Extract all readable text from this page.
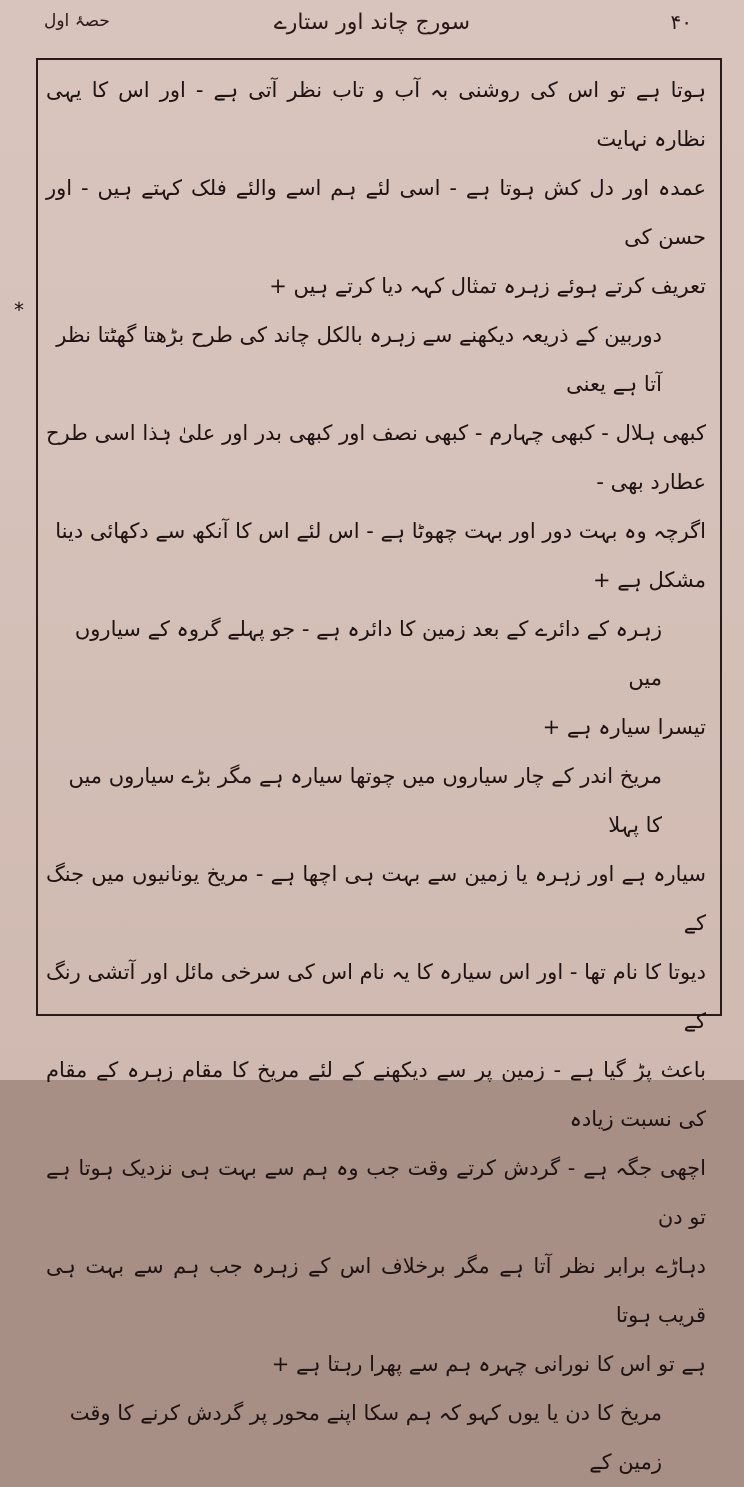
سورج چاند اور ستارے
حصۂ اول	۴۰
*

ہوتا ہے تو اس کی روشنی بہ آب و تاب نظر آتی ہے - اور اس کا یہی نظارہ نہایت

عمدہ اور دل کش ہوتا ہے - اسی لئے ہم اسے والئے فلک کہتے ہیں - اور حسن کی

تعریف کرتے ہوئے زہرہ تمثال کہہ دیا کرتے ہیں +

دوربین کے ذریعہ دیکھنے سے زہرہ بالکل چاند کی طرح بڑھتا گھٹتا نظر آتا ہے یعنی

کبھی ہلال - کبھی چہارم - کبھی نصف اور کبھی بدر اور علیٰ ہٰذا اسی طرح عطارد بھی -

اگرچہ وہ بہت دور اور بہت چھوٹا ہے - اس لئے اس کا آنکھ سے دکھائی دینا

مشکل ہے +

زہرہ کے دائرے کے بعد زمین کا دائرہ ہے - جو پہلے گروہ کے سیاروں میں

تیسرا سیارہ ہے +

مریخ اندر کے چار سیاروں میں چوتھا سیارہ ہے مگر بڑے سیاروں میں کا پہلا

سیارہ ہے اور زہرہ یا زمین سے بہت ہی اچھا ہے - مریخ یونانیوں میں جنگ کے

دیوتا کا نام تھا - اور اس سیارہ کا یہ نام اس کی سرخی مائل اور آتشی رنگ کے

باعث پڑ گیا ہے - زمین پر سے دیکھنے کے لئے مریخ کا مقام زہرہ کے مقام کی نسبت زیادہ

اچھی جگہ ہے - گردش کرتے وقت جب وہ ہم سے بہت ہی نزدیک ہوتا ہے تو دن

دہاڑے برابر نظر آتا ہے مگر برخلاف اس کے زہرہ جب ہم سے بہت ہی قریب ہوتا

ہے تو اس کا نورانی چہرہ ہم سے پھرا رہتا ہے +

مریخ کا دن یا یوں کہو کہ ہم سکا اپنے محور پر گردش کرنے کا وقت زمین کے
